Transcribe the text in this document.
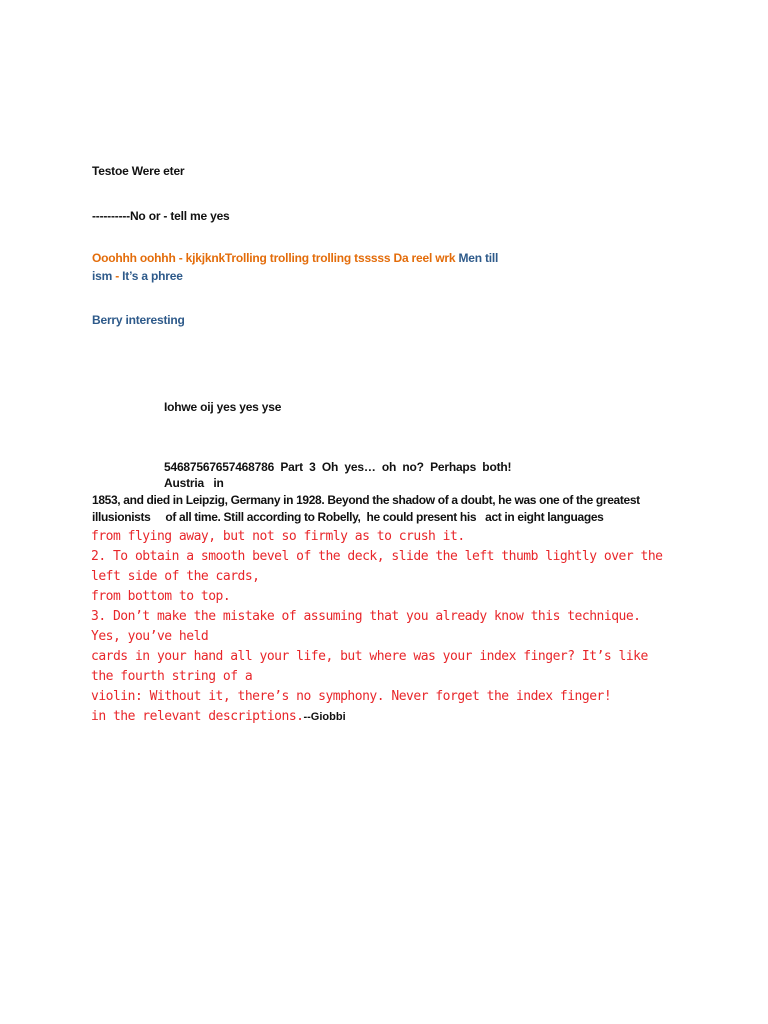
Testoe Were eter
----------No or - tell me yes
Ooohhh oohhh - kjkjknkTrolling trolling trolling tsssss Da reel wrk Men till
ism - It’s a phree
Berry interesting
Iohwe oij yes yes yse
54687567657468786  Part  3  Oh  yes…  oh  no?  Perhaps  both!
Austria   in
1853, and died in Leipzig, Germany in 1928. Beyond the shadow of a doubt, he was one of the greatest
illusionists     of all time. Still according to Robelly,  he could present his   act in eight languages
from flying away, but not so firmly as to crush it.
2. To obtain a smooth bevel of the deck, slide the left thumb lightly over the
left side of the cards,
from bottom to top.
3. Don’t make the mistake of assuming that you already know this technique.
Yes, you’ve held
cards in your hand all your life, but where was your index finger? It’s like
the fourth string of a
violin: Without it, there’s no symphony. Never forget the index finger!
in the relevant descriptions.--Giobbi
